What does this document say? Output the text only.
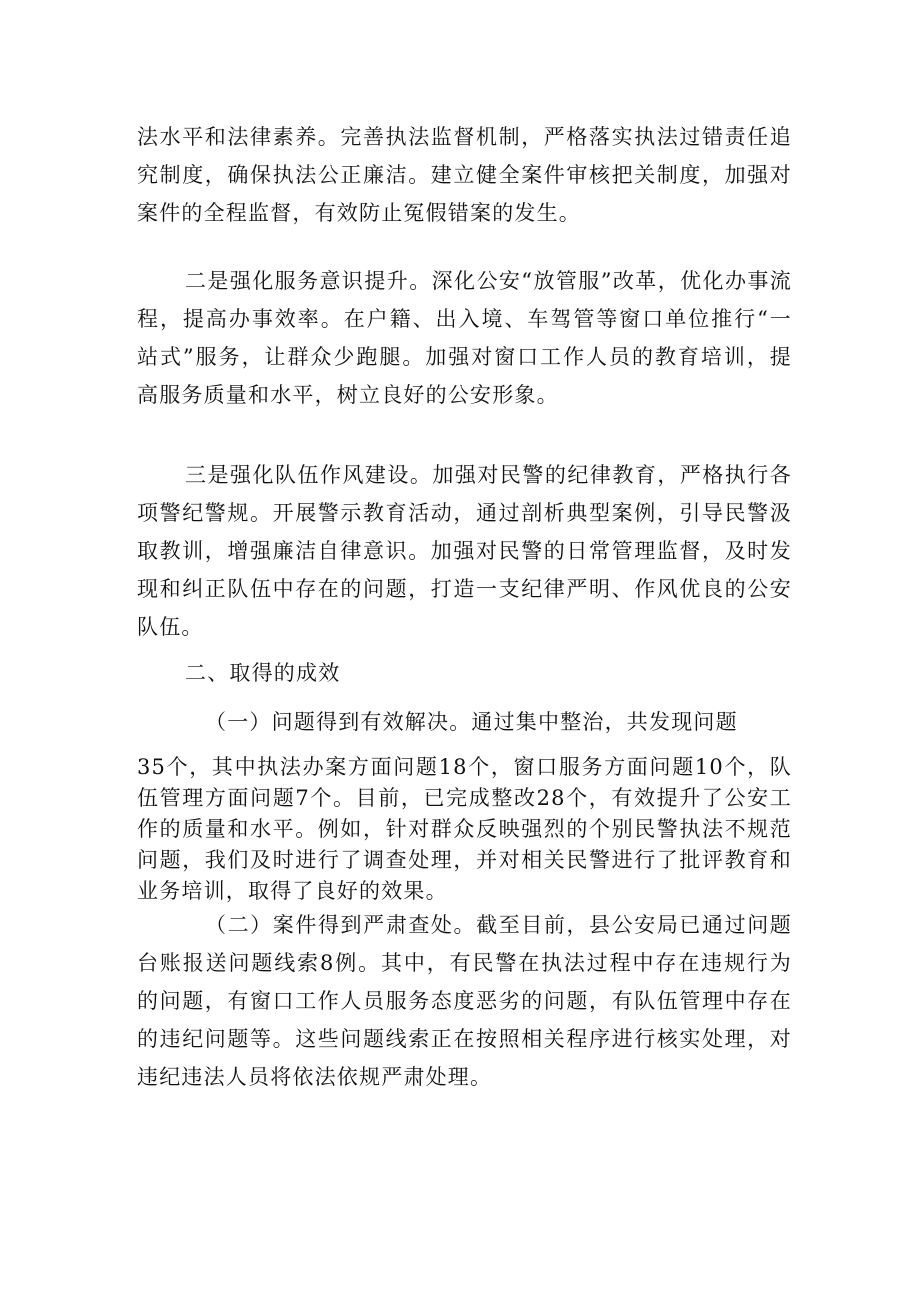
法水平和法律素养。完善执法监督机制，严格落实执法过错责任追究制度，确保执法公正廉洁。建立健全案件审核把关制度，加强对案件的全程监督，有效防止冤假错案的发生。

二是强化服务意识提升。深化公安“放管服”改革，优化办事流程，提高办事效率。在户籍、出入境、车驾管等窗口单位推行“一站式”服务，让群众少跑腿。加强对窗口工作人员的教育培训，提高服务质量和水平，树立良好的公安形象。

三是强化队伍作风建设。加强对民警的纪律教育，严格执行各项警纪警规。开展警示教育活动，通过剖析典型案例，引导民警汲取教训，增强廉洁自律意识。加强对民警的日常管理监督，及时发现和纠正队伍中存在的问题，打造一支纪律严明、作风优良的公安队伍。

二、取得的成效

（一）问题得到有效解决。通过集中整治，共发现问题

35个，其中执法办案方面问题18个，窗口服务方面问题10个，队伍管理方面问题7个。目前，已完成整改28个，有效提升了公安工作的质量和水平。例如，针对群众反映强烈的个别民警执法不规范问题，我们及时进行了调查处理，并对相关民警进行了批评教育和业务培训，取得了良好的效果。

（二）案件得到严肃查处。截至目前，县公安局已通过问题台账报送问题线索8例。其中，有民警在执法过程中存在违规行为的问题，有窗口工作人员服务态度恶劣的问题，有队伍管理中存在的违纪问题等。这些问题线索正在按照相关程序进行核实处理，对违纪违法人员将依法依规严肃处理。
